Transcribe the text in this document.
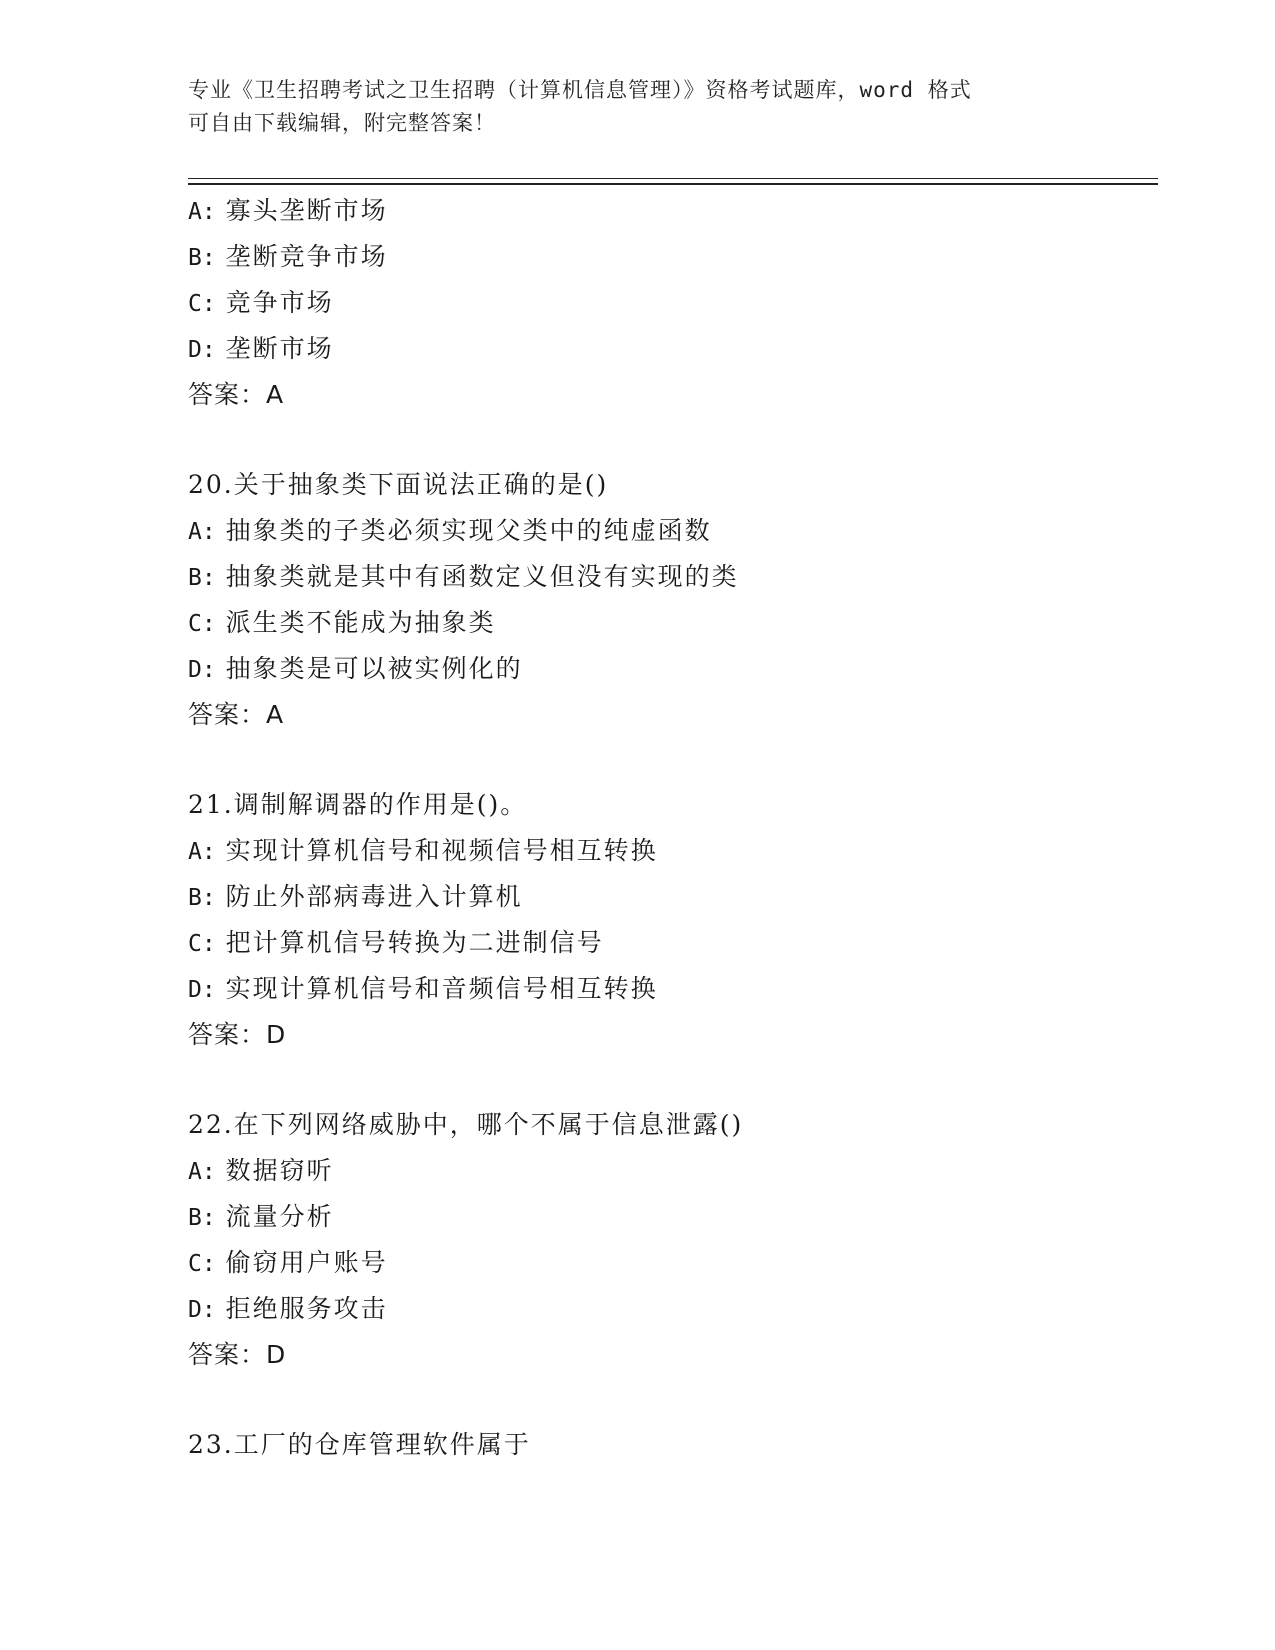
专业《卫生招聘考试之卫生招聘（计算机信息管理）》资格考试题库，word 格式
可自由下载编辑，附完整答案！
A: 寡头垄断市场
B: 垄断竞争市场
C: 竞争市场
D: 垄断市场
答案：A
20.关于抽象类下面说法正确的是()
A: 抽象类的子类必须实现父类中的纯虚函数
B: 抽象类就是其中有函数定义但没有实现的类
C: 派生类不能成为抽象类
D: 抽象类是可以被实例化的
答案：A
21.调制解调器的作用是()。
A: 实现计算机信号和视频信号相互转换
B: 防止外部病毒进入计算机
C: 把计算机信号转换为二进制信号
D: 实现计算机信号和音频信号相互转换
答案：D
22.在下列网络威胁中，哪个不属于信息泄露()
A: 数据窃听
B: 流量分析
C: 偷窃用户账号
D: 拒绝服务攻击
答案：D
23.工厂的仓库管理软件属于
